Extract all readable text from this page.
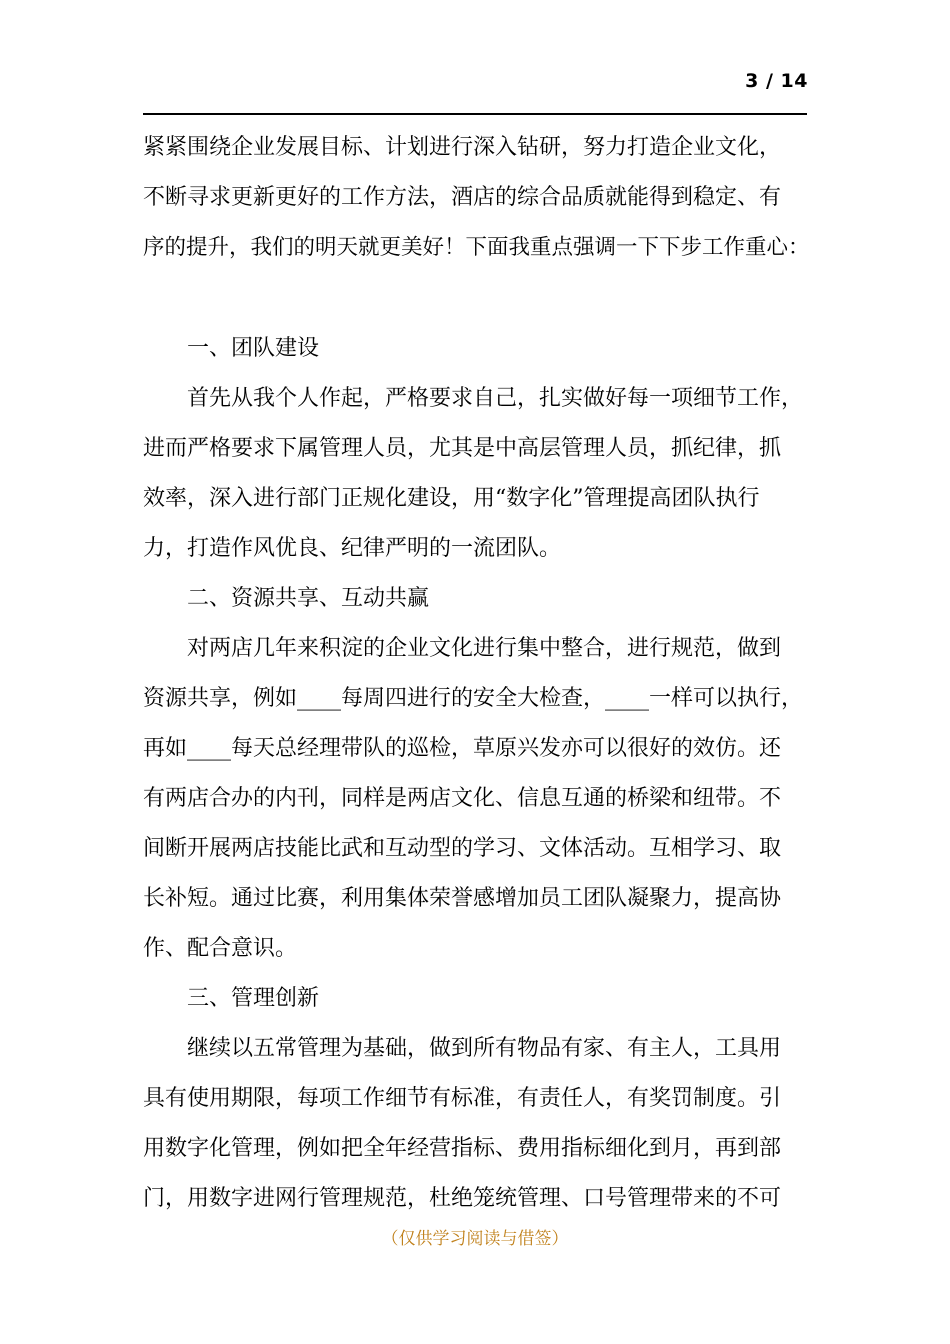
3 / 14
紧紧围绕企业发展目标、计划进行深入钻研，努力打造企业文化，
不断寻求更新更好的工作方法，酒店的综合品质就能得到稳定、有
序的提升，我们的明天就更美好！下面我重点强调一下下步工作重心：
　　一、团队建设
　　首先从我个人作起，严格要求自己，扎实做好每一项细节工作，
进而严格要求下属管理人员，尤其是中高层管理人员，抓纪律，抓
效率，深入进行部门正规化建设，用“数字化”管理提高团队执行
力，打造作风优良、纪律严明的一流团队。
　　二、资源共享、互动共赢
　　对两店几年来积淀的企业文化进行集中整合，进行规范，做到
资源共享，例如____每周四进行的安全大检查，____一样可以执行，
再如____每天总经理带队的巡检，草原兴发亦可以很好的效仿。还
有两店合办的内刊，同样是两店文化、信息互通的桥梁和纽带。不
间断开展两店技能比武和互动型的学习、文体活动。互相学习、取
长补短。通过比赛，利用集体荣誉感增加员工团队凝聚力，提高协
作、配合意识。
　　三、管理创新
　　继续以五常管理为基础，做到所有物品有家、有主人，工具用
具有使用期限，每项工作细节有标准，有责任人，有奖罚制度。引
用数字化管理，例如把全年经营指标、费用指标细化到月，再到部
门，用数字进网行管理规范，杜绝笼统管理、口号管理带来的不可
（仅供学习阅读与借签）
